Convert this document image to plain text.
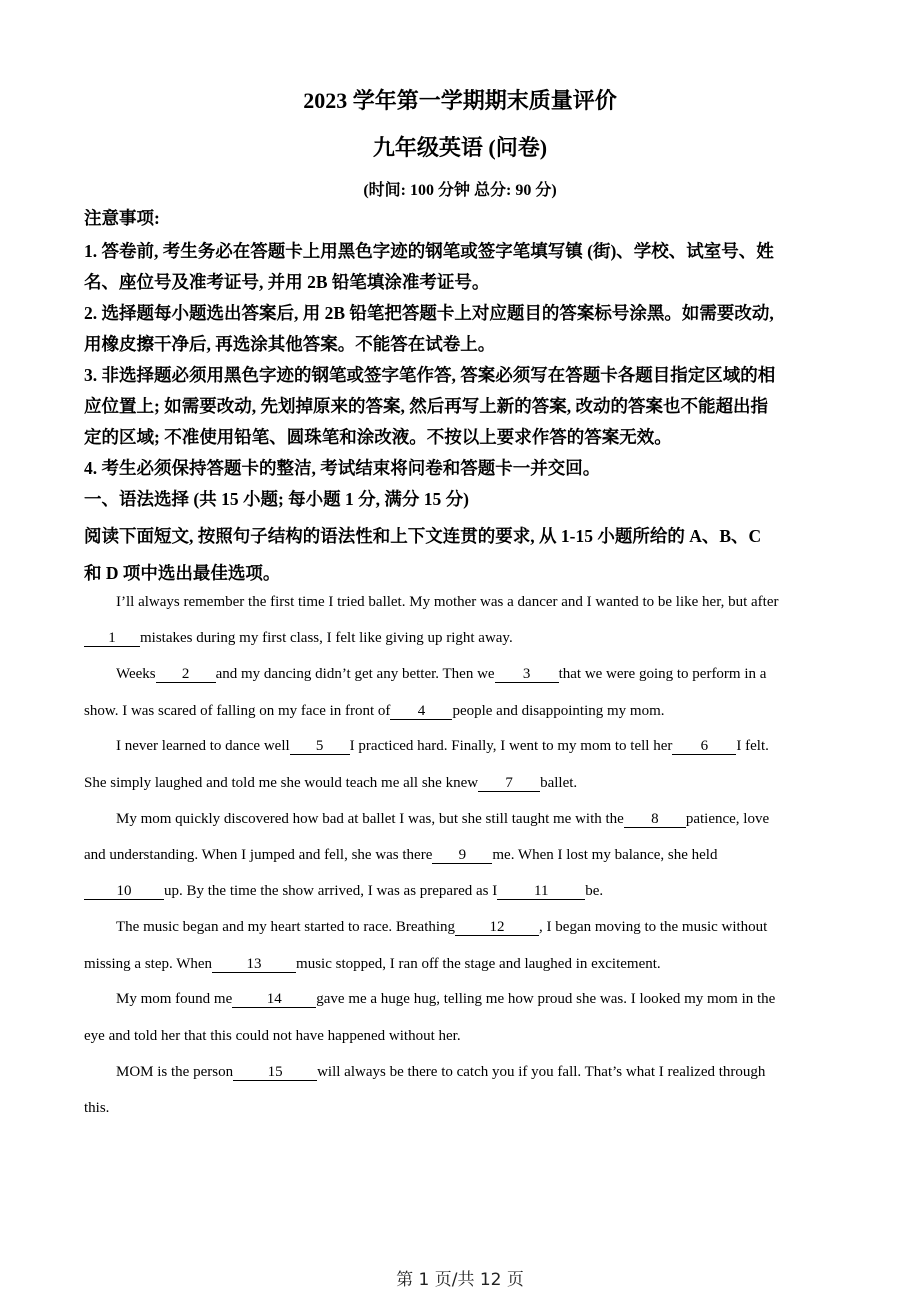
2023 学年第一学期期末质量评价
九年级英语 (问卷)
(时间: 100 分钟 总分: 90 分)
注意事项:
1. 答卷前, 考生务必在答题卡上用黑色字迹的钢笔或签字笔填写镇 (街)、学校、试室号、姓
名、座位号及准考证号, 并用 2B 铅笔填涂准考证号。
2. 选择题每小题选出答案后, 用 2B 铅笔把答题卡上对应题目的答案标号涂黑。如需要改动,
用橡皮擦干净后, 再选涂其他答案。不能答在试卷上。
3. 非选择题必须用黑色字迹的钢笔或签字笔作答, 答案必须写在答题卡各题目指定区域的相
应位置上; 如需要改动, 先划掉原来的答案, 然后再写上新的答案, 改动的答案也不能超出指
定的区域; 不准使用铅笔、圆珠笔和涂改液。不按以上要求作答的答案无效。
4. 考生必须保持答题卡的整洁, 考试结束将问卷和答题卡一并交回。
一、语法选择 (共 15 小题; 每小题 1 分, 满分 15 分)
阅读下面短文, 按照句子结构的语法性和上下文连贯的要求, 从 1-15 小题所给的 A、B、C
和 D 项中选出最佳选项。
I’ll always remember the first time I tried ballet. My mother was a dancer and I wanted to be like her, but after
1 mistakes during my first class, I felt like giving up right away.
Weeks 2 and my dancing didn’t get any better. Then we 3 that we were going to perform in a
show. I was scared of falling on my face in front of 4 people and disappointing my mom.
I never learned to dance well 5 I practiced hard. Finally, I went to my mom to tell her 6 I felt.
She simply laughed and told me she would teach me all she knew 7 ballet.
My mom quickly discovered how bad at ballet I was, but she still taught me with the 8 patience, love
and understanding. When I jumped and fell, she was there 9 me. When I lost my balance, she held
10 up. By the time the show arrived, I was as prepared as I 11 be.
The music began and my heart started to race. Breathing 12 , I began moving to the music without
missing a step. When 13 music stopped, I ran off the stage and laughed in excitement.
My mom found me 14 gave me a huge hug, telling me how proud she was. I looked my mom in the
eye and told her that this could not have happened without her.
MOM is the person 15 will always be there to catch you if you fall. That’s what I realized through
this.
第 1 页/共 12 页
